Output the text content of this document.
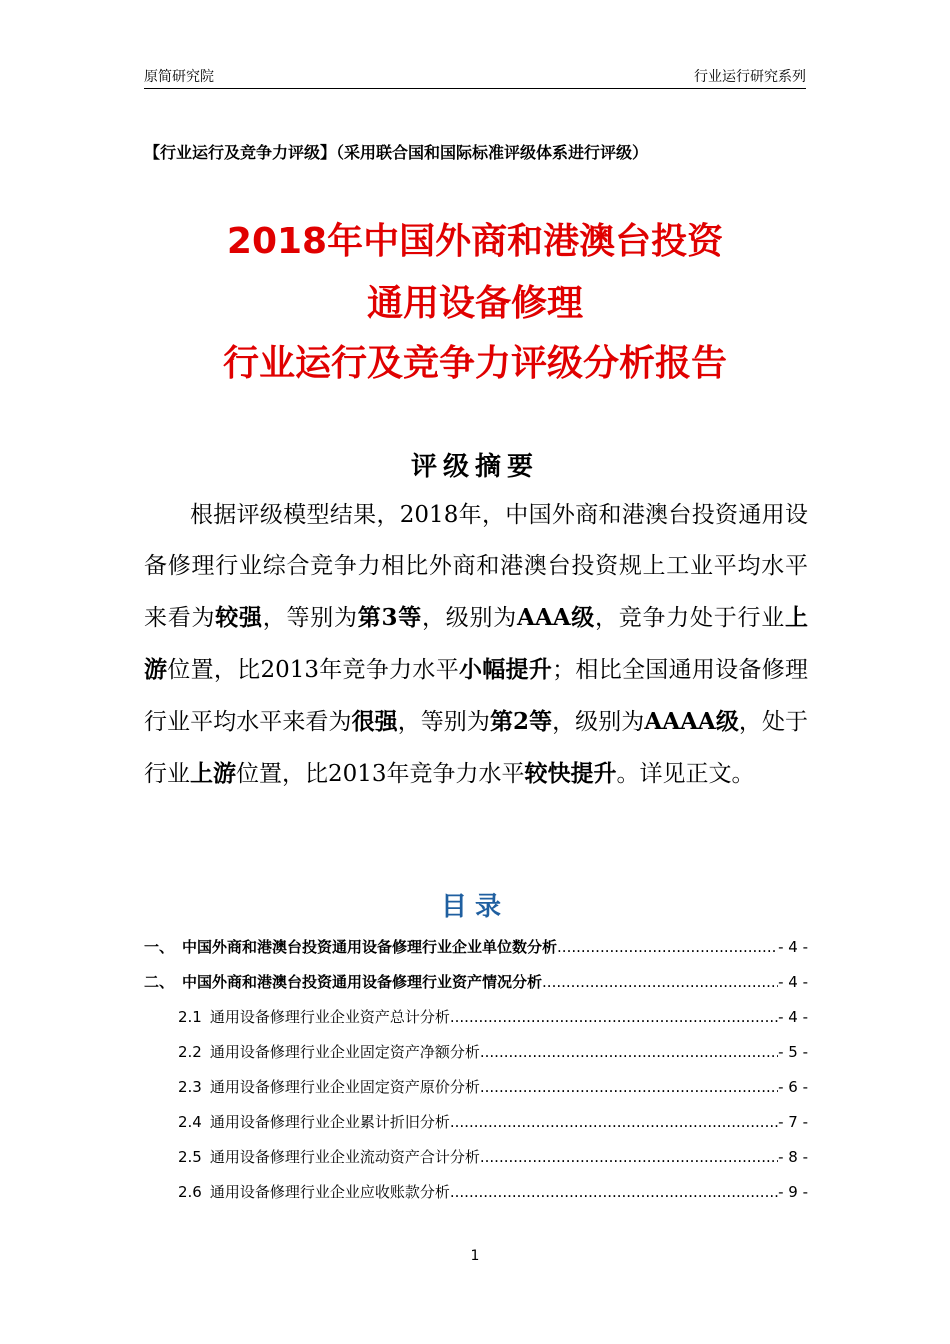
原简研究院	行业运行研究系列
【行业运行及竞争力评级】（采用联合国和国际标准评级体系进行评级）
2018年中国外商和港澳台投资
通用设备修理
行业运行及竞争力评级分析报告
评级摘要

根据评级模型结果，2018年，中国外商和港澳台投资通用设备修理行业综合竞争力相比外商和港澳台投资规上工业平均水平来看为较强，等别为第3等，级别为AAA级，竞争力处于行业上游位置，比2013年竞争力水平小幅提升；相比全国通用设备修理行业平均水平来看为很强，等别为第2等，级别为AAAA级，处于行业上游位置，比2013年竞争力水平较快提升。详见正文。

目录
一、 中国外商和港澳台投资通用设备修理行业企业单位数分析 .....	- 4 -
二、 中国外商和港澳台投资通用设备修理行业资产情况分析 .....	- 4 -
2.1 通用设备修理行业企业资产总计分析 .....	- 4 -
2.2 通用设备修理行业企业固定资产净额分析 .....	- 5 -
2.3 通用设备修理行业企业固定资产原价分析 .....	- 6 -
2.4 通用设备修理行业企业累计折旧分析 .....	- 7 -
2.5 通用设备修理行业企业流动资产合计分析 .....	- 8 -
2.6 通用设备修理行业企业应收账款分析 .....	- 9 -
1
